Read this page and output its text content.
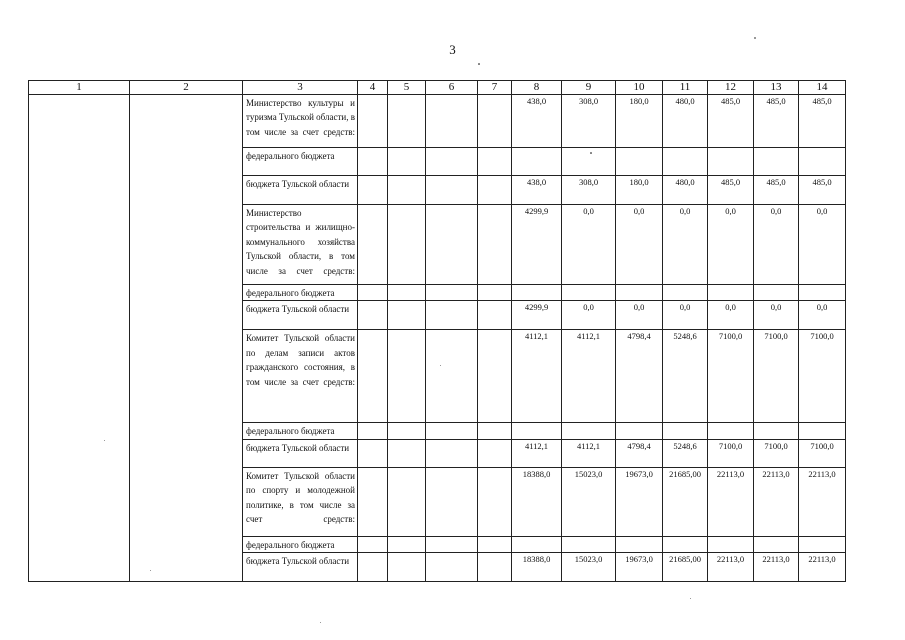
3
1	2	3	4	5	6	7	8	9	10	11	12	13	14
		Министерство культуры и туризма Тульской области, в том числе за счет средств:					438,0	308,0	180,0	480,0	485,0	485,0	485,0
		федерального бюджета											
		бюджета Тульской области					438,0	308,0	180,0	480,0	485,0	485,0	485,0
		Министерство строительства и жилищно-коммунального хозяйства Тульской области, в том числе за счет средств:					4299,9	0,0	0,0	0,0	0,0	0,0	0,0
		федерального бюджета											
		бюджета Тульской области					4299,9	0,0	0,0	0,0	0,0	0,0	0,0
		Комитет Тульской области по делам записи актов гражданского состояния, в том числе за счет средств:					4112,1	4112,1	4798,4	5248,6	7100,0	7100,0	7100,0
		федерального бюджета											
		бюджета Тульской области					4112,1	4112,1	4798,4	5248,6	7100,0	7100,0	7100,0
		Комитет Тульской области по спорту и молодежной политике, в том числе за счет средств:					18388,0	15023,0	19673,0	21685,00	22113,0	22113,0	22113,0
		федерального бюджета											
		бюджета Тульской области					18388,0	15023,0	19673,0	21685,00	22113,0	22113,0	22113,0
